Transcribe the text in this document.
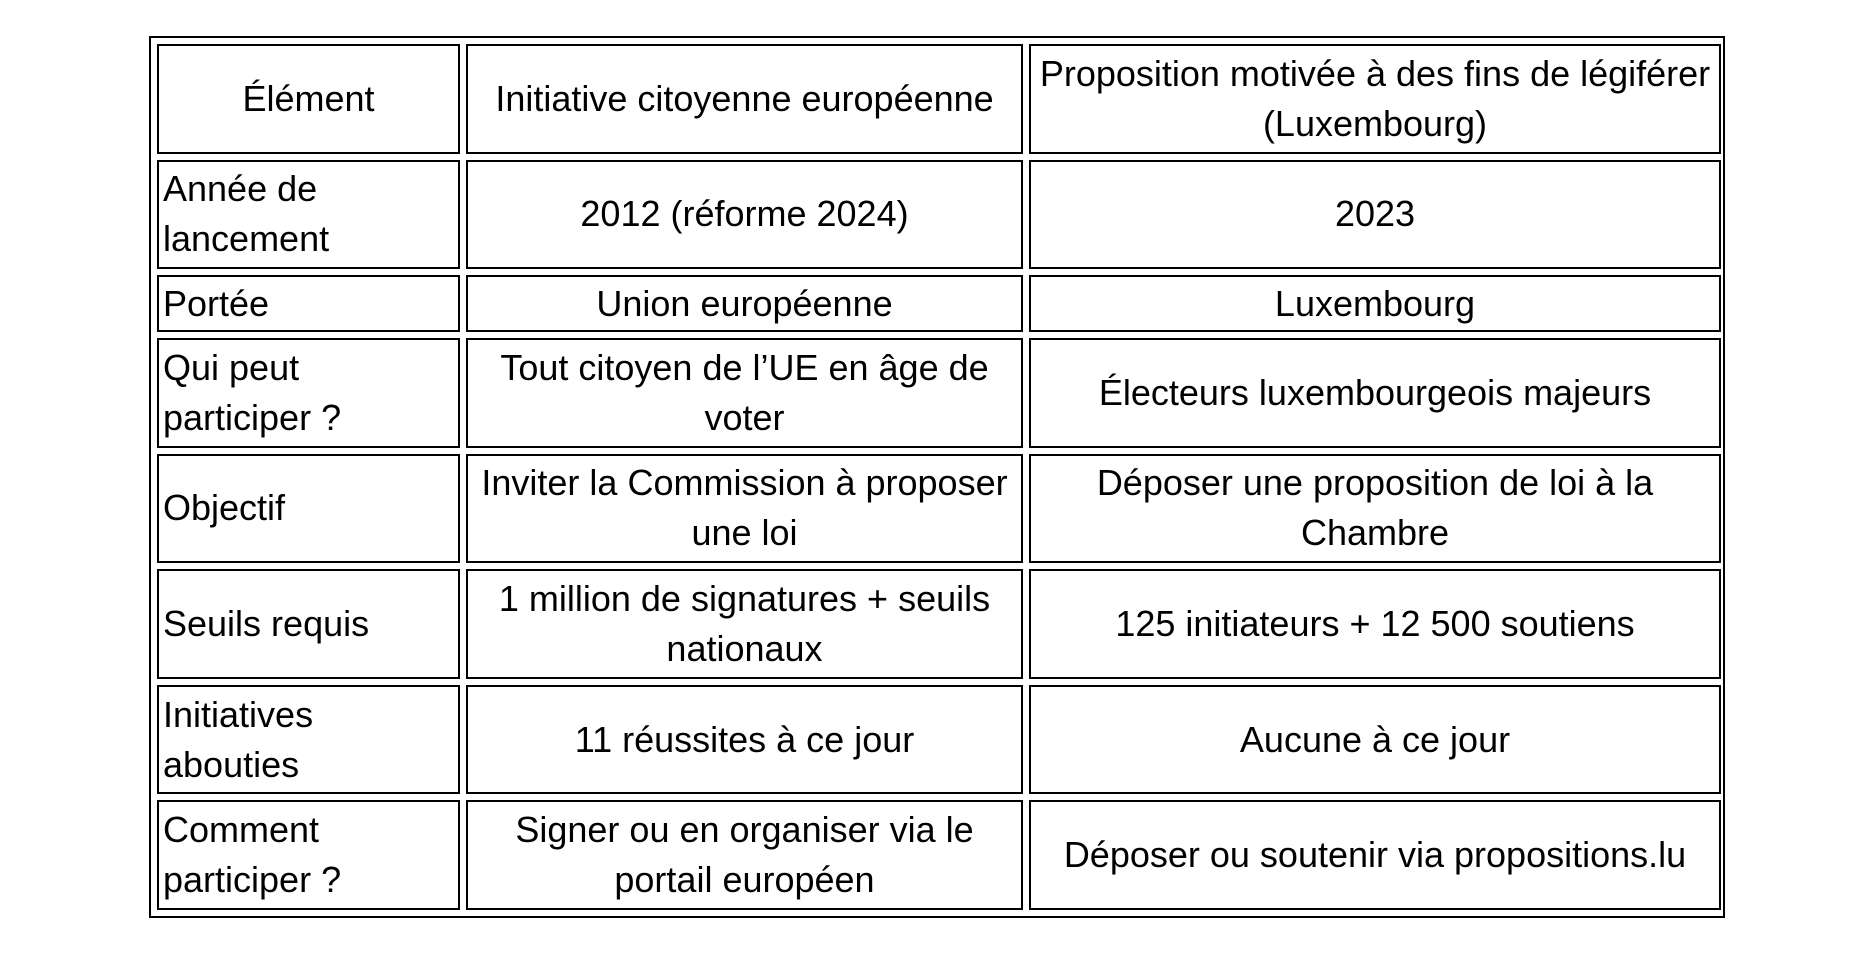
Élément	Initiative citoyenne européenne	Proposition motivée à des fins de légiférer (Luxembourg)
Année de lancement	2012 (réforme 2024)	2023
Portée	Union européenne	Luxembourg
Qui peut participer ?	Tout citoyen de l’UE en âge de voter	Électeurs luxembourgeois majeurs
Objectif	Inviter la Commission à proposer une loi	Déposer une proposition de loi à la Chambre
Seuils requis	1 million de signatures + seuils nationaux	125 initiateurs + 12 500 soutiens
Initiatives abouties	11 réussites à ce jour	Aucune à ce jour
Comment participer ?	Signer ou en organiser via le portail européen	Déposer ou soutenir via propositions.lu
